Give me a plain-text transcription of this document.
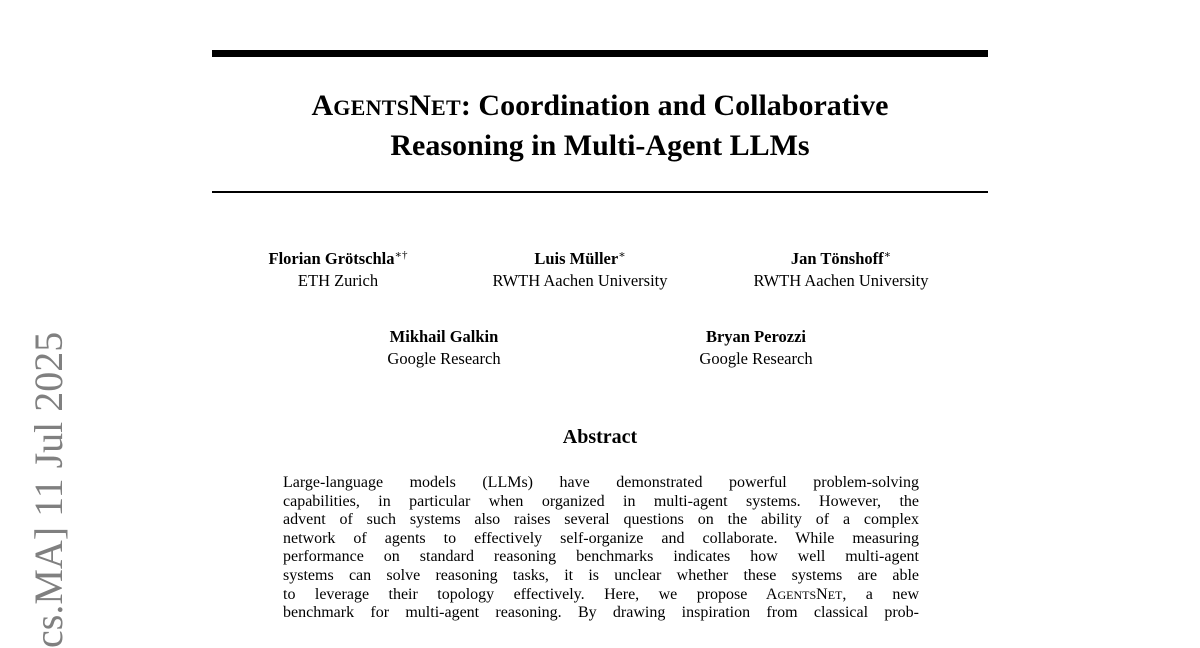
AGENTSNET: Coordination and Collaborative
Reasoning in Multi-Agent LLMs
Florian Grötschla∗†
ETH Zurich
Luis Müller∗
RWTH Aachen University
Jan Tönshoff∗
RWTH Aachen University
Mikhail Galkin
Google Research
Bryan Perozzi
Google Research
Abstract
Large-language models (LLMs) have demonstrated powerful problem-solving
capabilities, in particular when organized in multi-agent systems. However, the
advent of such systems also raises several questions on the ability of a complex
network of agents to effectively self-organize and collaborate. While measuring
performance on standard reasoning benchmarks indicates how well multi-agent
systems can solve reasoning tasks, it is unclear whether these systems are able
to leverage their topology effectively. Here, we propose AGENTSNET, a new
benchmark for multi-agent reasoning. By drawing inspiration from classical prob-
cs.MA] 11 Jul 2025
